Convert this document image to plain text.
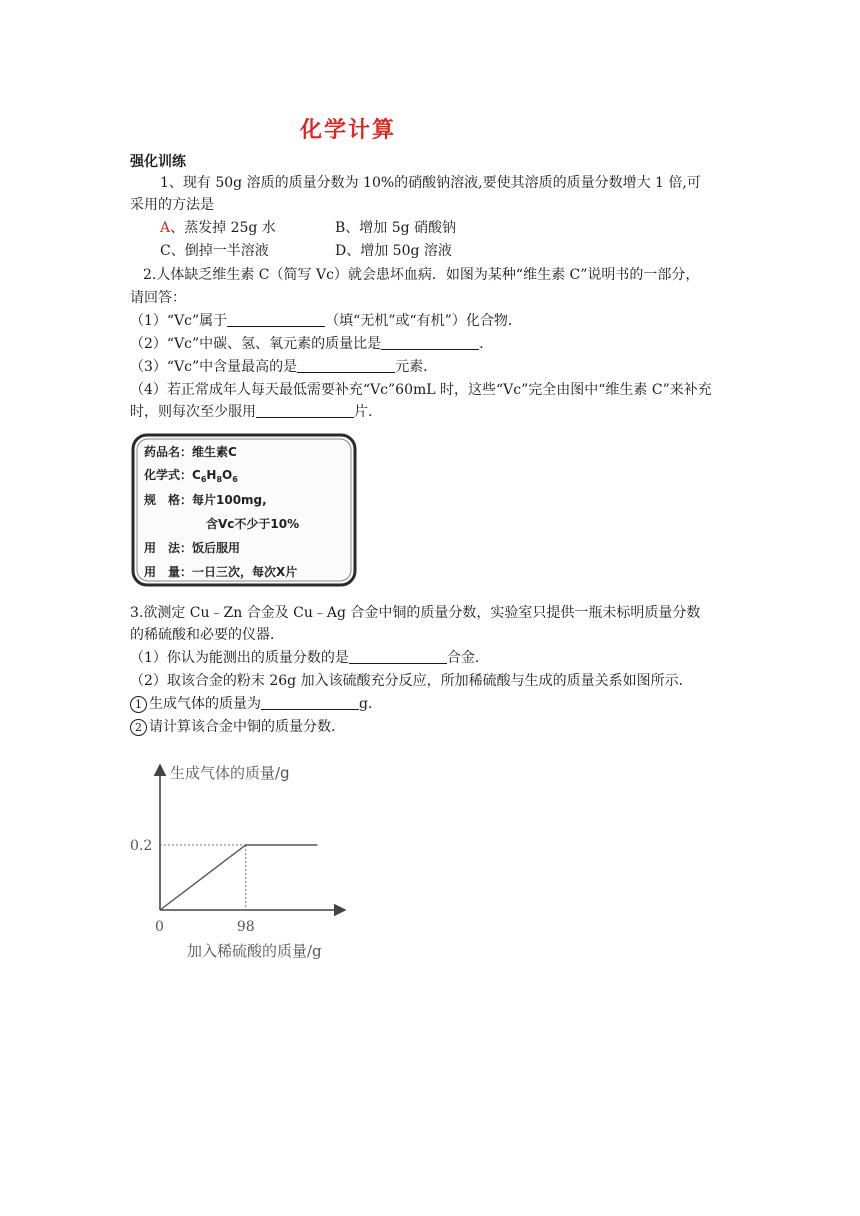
化学计算
强化训练
1、现有 50g 溶质的质量分数为 10%的硝酸钠溶液,要使其溶质的质量分数增大 1 倍,可
采用的方法是
A、蒸发掉 25g 水	B、增加 5g 硝酸钠
C、倒掉一半溶液	D、增加 50g 溶液
2.人体缺乏维生素 C（简写 Vc）就会患坏血病．如图为某种“维生素 C”说明书的一部分，
请回答：
（1）“Vc”属于	（填“无机”或“有机”）化合物．
（2）“Vc”中碳、氢、氧元素的质量比是	．
（3）“Vc”中含量最高的是	元素．
（4）若正常成年人每天最低需要补充“Vc”60mL 时，这些“Vc”完全由图中“维生素 C”来补充
时，则每次至少服用	片．
药品名：维生素C
化学式：$C_6H_8O_6$
规　格：每片100mg,
含Vc不少于10%
用　法：饭后服用
用　量：一日三次，每次X片
3.欲测定 Cu﹣Zn 合金及 Cu﹣Ag 合金中铜的质量分数，实验室只提供一瓶未标明质量分数
的稀硫酸和必要的仪器．
（1）你认为能测出的质量分数的是	合金．
（2）取该合金的粉末 26g 加入该硫酸充分反应，所加稀硫酸与生成的质量关系如图所示．
1 生成气体的质量为	g．
2 请计算该合金中铜的质量分数．
生成气体的质量/g
加入稀硫酸的质量/g
0	98
0.2
